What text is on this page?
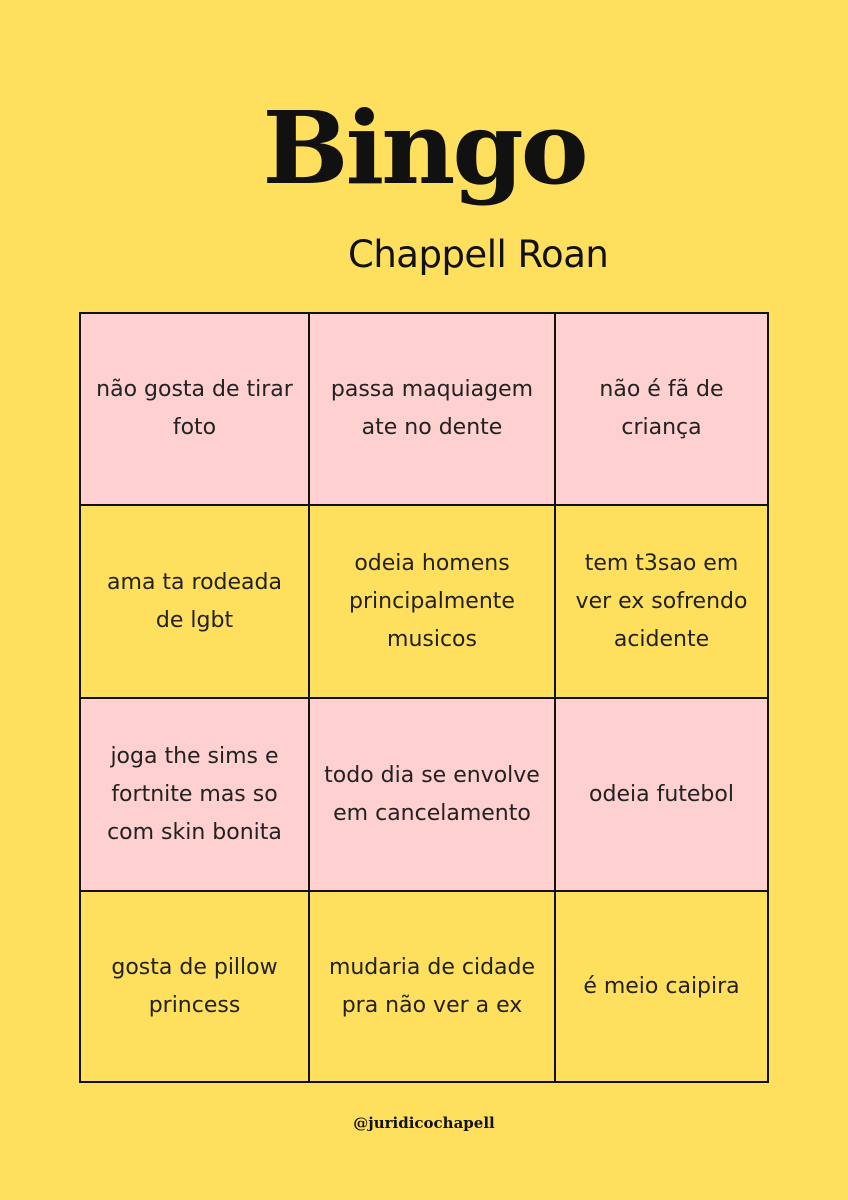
Bingo
Chappell Roan
não gosta de tirar foto
passa maquiagem ate no dente
não é fã de criança
ama ta rodeada de lgbt
odeia homens principalmente musicos
tem t3sao em ver ex sofrendo acidente
joga the sims e fortnite mas so com skin bonita
todo dia se envolve em cancelamento
odeia futebol
gosta de pillow princess
mudaria de cidade pra não ver a ex
é meio caipira
@juridicochapell
